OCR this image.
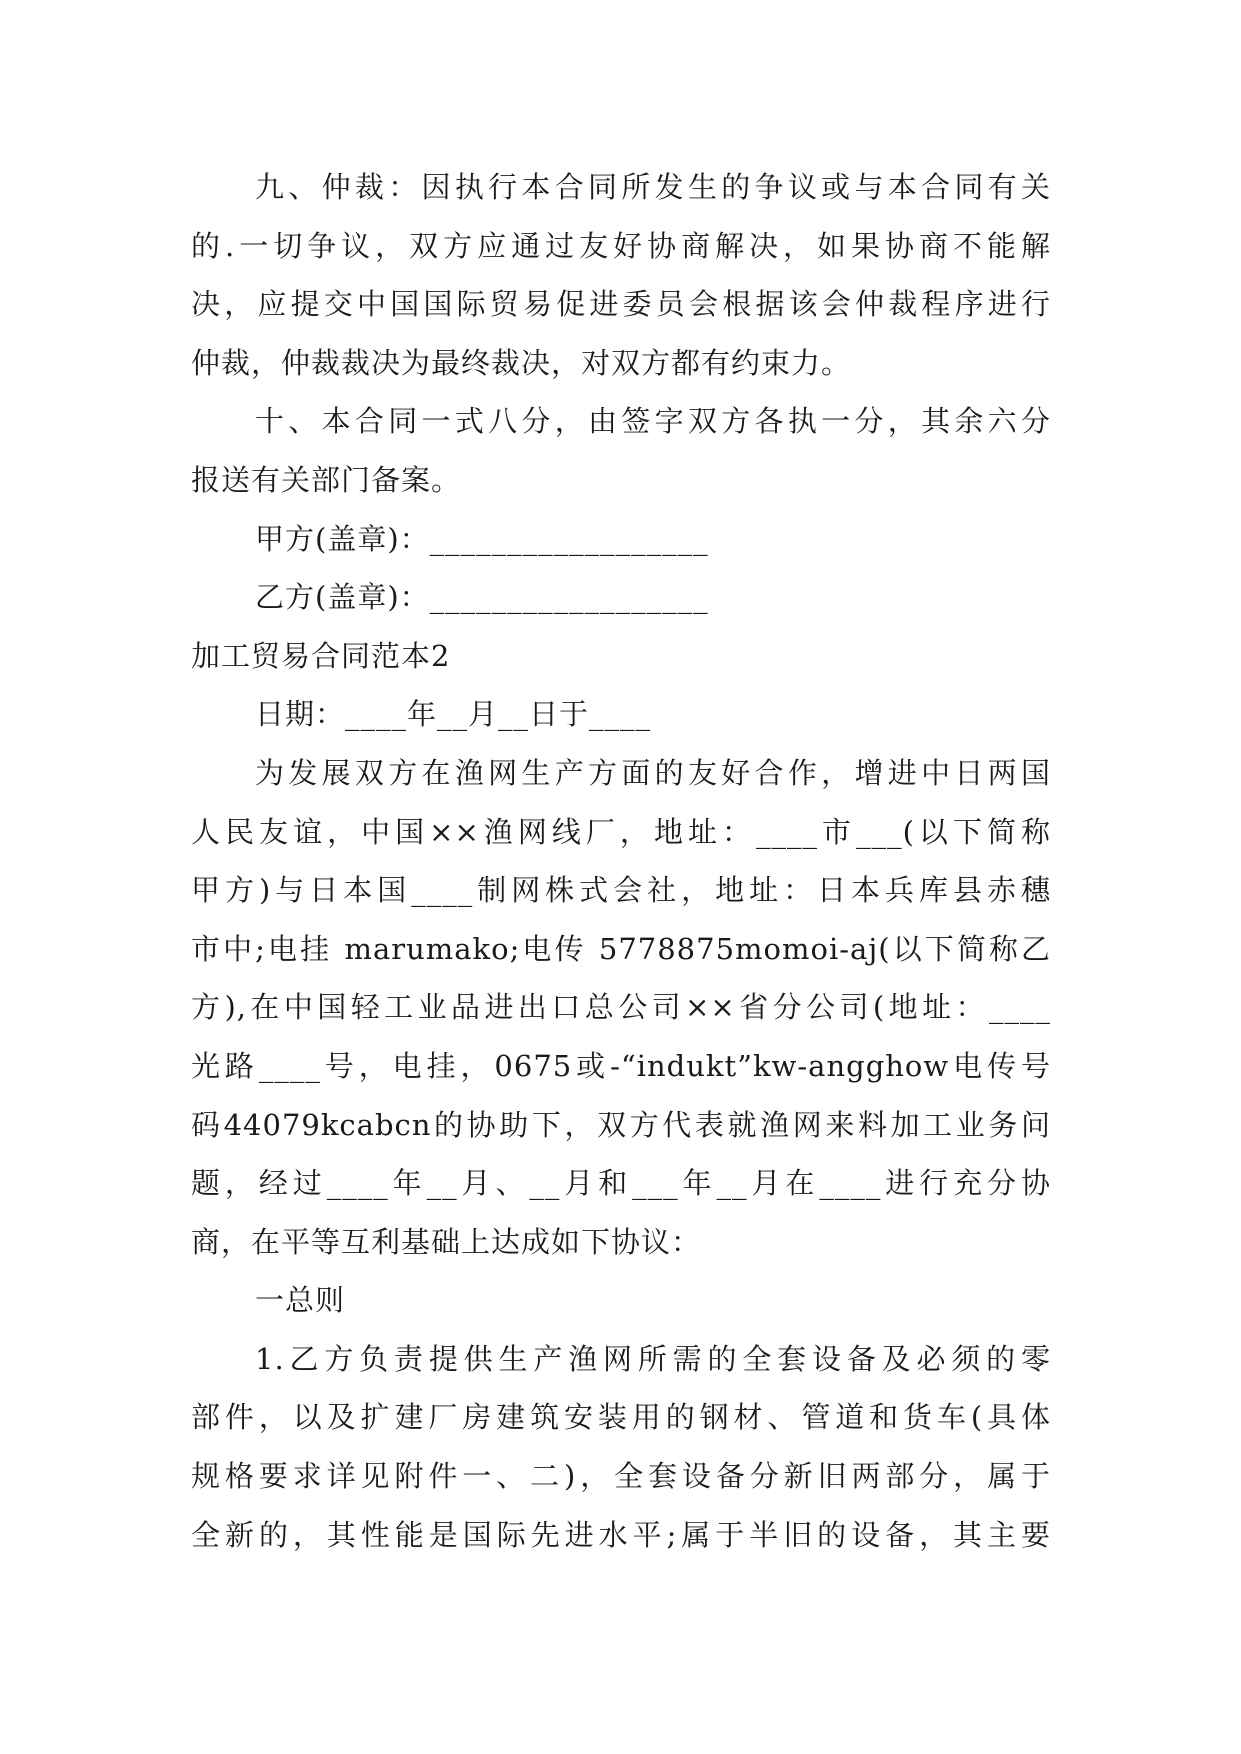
九、仲裁：因执行本合同所发生的争议或与本合同有关
的.一切争议，双方应通过友好协商解决，如果协商不能解
决，应提交中国国际贸易促进委员会根据该会仲裁程序进行
仲裁，仲裁裁决为最终裁决，对双方都有约束力。
十、本合同一式八分，由签字双方各执一分，其余六分
报送有关部门备案。
甲方(盖章)：__________________
乙方(盖章)：__________________
加工贸易合同范本2
日期：____年__月__日于____
为发展双方在渔网生产方面的友好合作，增进中日两国
人民友谊，中国××渔网线厂，地址：____市___(以下简称
甲方)与日本国____制网株式会社，地址：日本兵库县赤穗
市中;电挂 marumako;电传 5778875momoi-aj(以下简称乙
方),在中国轻工业品进出口总公司××省分公司(地址：____
光路____号，电挂，0675或-“indukt”kw-angghow电传号
码44079kcabcn的协助下，双方代表就渔网来料加工业务问
题，经过____年__月、__月和___年__月在____进行充分协
商，在平等互利基础上达成如下协议：
一总则
1.乙方负责提供生产渔网所需的全套设备及必须的零
部件，以及扩建厂房建筑安装用的钢材、管道和货车(具体
规格要求详见附件一、二)，全套设备分新旧两部分，属于
全新的，其性能是国际先进水平;属于半旧的设备，其主要
